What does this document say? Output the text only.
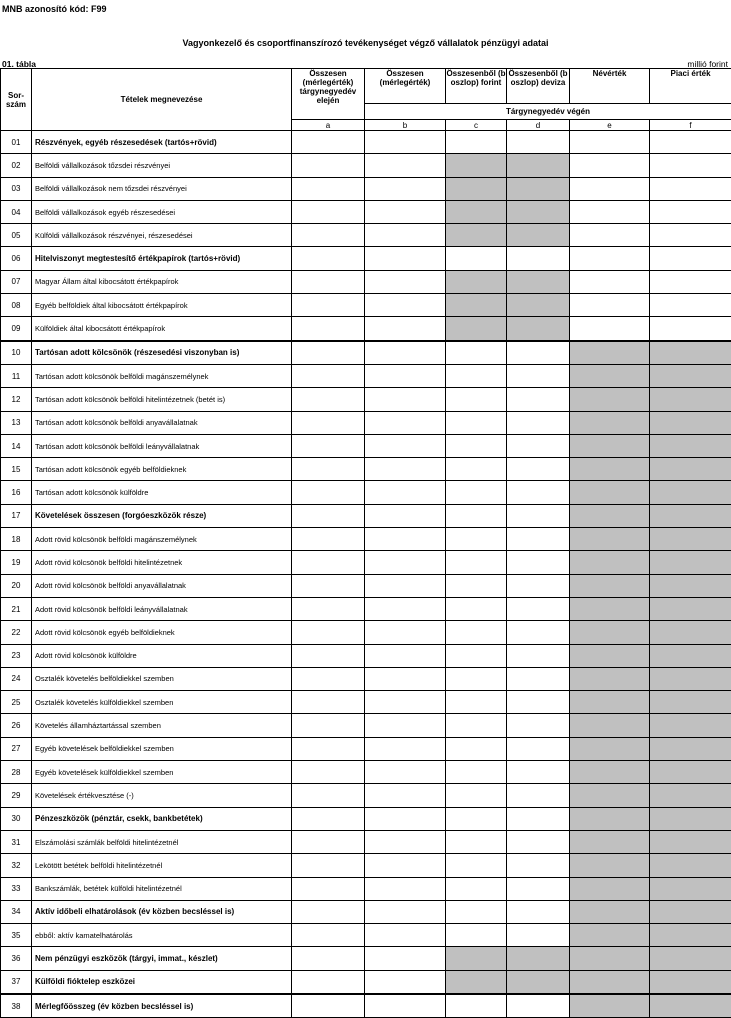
MNB azonosító kód: F99
Vagyonkezelő és csoportfinanszírozó tevékenységet végző vállalatok pénzügyi adatai
01. tábla	millió forint
Sor-szám	Tételek megnevezése	Összesen (mérlegérték) tárgynegyedév elején	Összesen (mérlegérték)	Összesenből (b oszlop) forint	Összesenből (b oszlop) deviza	Névérték	Piaci érték
			Tárgynegyedév végén				
		a	b	c	d	e	f
01	Részvények, egyéb részesedések (tartós+rövid)						
02	Belföldi vállalkozások tőzsdei részvényei						
03	Belföldi vállalkozások nem tőzsdei részvényei						
04	Belföldi vállalkozások egyéb részesedései						
05	Külföldi vállalkozások részvényei, részesedései						
06	Hitelviszonyt megtestesítő értékpapírok (tartós+rövid)						
07	Magyar Állam által kibocsátott értékpapírok						
08	Egyéb belföldiek által kibocsátott értékpapírok						
09	Külföldiek által kibocsátott értékpapírok						
10	Tartósan adott kölcsönök (részesedési viszonyban is)						
11	Tartósan adott kölcsönök belföldi magánszemélynek						
12	Tartósan adott kölcsönök belföldi hitelintézetnek (betét is)						
13	Tartósan adott kölcsönök belföldi anyavállalatnak						
14	Tartósan adott kölcsönök belföldi leányvállalatnak						
15	Tartósan adott kölcsönök egyéb belföldieknek						
16	Tartósan adott kölcsönök külföldre						
17	Követelések összesen (forgóeszközök része)						
18	Adott rövid kölcsönök belföldi magánszemélynek						
19	Adott rövid kölcsönök belföldi hitelintézetnek						
20	Adott rövid kölcsönök belföldi anyavállalatnak						
21	Adott rövid kölcsönök belföldi leányvállalatnak						
22	Adott rövid kölcsönök egyéb belföldieknek						
23	Adott rövid kölcsönök külföldre						
24	Osztalék követelés belföldiekkel szemben						
25	Osztalék követelés külföldiekkel szemben						
26	Követelés államháztartással szemben						
27	Egyéb követelések belföldiekkel szemben						
28	Egyéb követelések külföldiekkel szemben						
29	Követelések értékvesztése (-)						
30	Pénzeszközök (pénztár, csekk, bankbetétek)						
31	Elszámolási számlák belföldi hitelintézetnél						
32	Lekötött betétek belföldi hitelintézetnél						
33	Bankszámlák, betétek külföldi hitelintézetnél						
34	Aktív időbeli elhatárolások (év közben becsléssel is)						
35	ebből: aktív kamatelhatárolás						
36	Nem pénzügyi eszközök (tárgyi, immat., készlet)						
37	Külföldi fióktelep eszközei						
38	Mérlegfőösszeg (év közben becsléssel is)						
